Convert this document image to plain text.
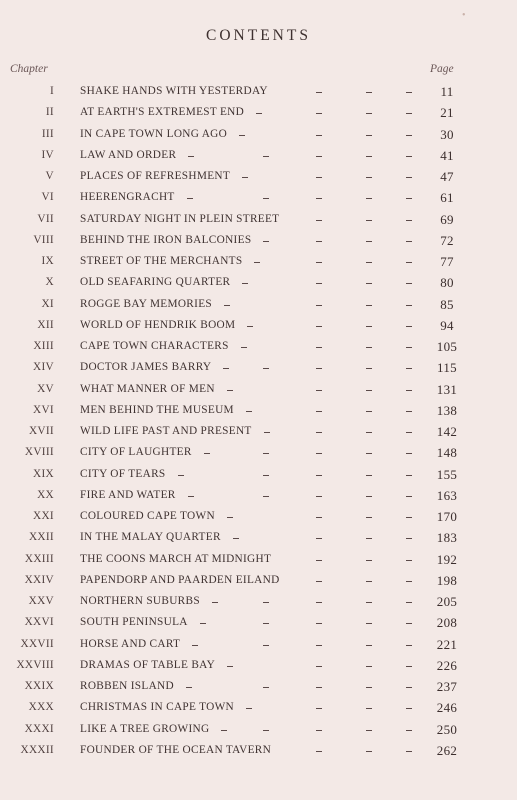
CONTENTS
Chapter	Page
I SHAKE HANDS WITH YESTERDAY	11
II AT EARTH'S EXTREMEST END	21
III IN CAPE TOWN LONG AGO	30
IV LAW AND ORDER	41
V PLACES OF REFRESHMENT	47
VI HEERENGRACHT	61
VII SATURDAY NIGHT IN PLEIN STREET	69
VIII BEHIND THE IRON BALCONIES	72
IX STREET OF THE MERCHANTS	77
X OLD SEAFARING QUARTER	80
XI ROGGE BAY MEMORIES	85
XII WORLD OF HENDRIK BOOM	94
XIII CAPE TOWN CHARACTERS	105
XIV DOCTOR JAMES BARRY	115
XV WHAT MANNER OF MEN	131
XVI MEN BEHIND THE MUSEUM	138
XVII WILD LIFE PAST AND PRESENT	142
XVIII CITY OF LAUGHTER	148
XIX CITY OF TEARS	155
XX FIRE AND WATER	163
XXI COLOURED CAPE TOWN	170
XXII IN THE MALAY QUARTER	183
XXIII THE COONS MARCH AT MIDNIGHT	192
XXIV PAPENDORP AND PAARDEN EILAND	198
XXV NORTHERN SUBURBS	205
XXVI SOUTH PENINSULA	208
XXVII HORSE AND CART	221
XXVIII DRAMAS OF TABLE BAY	226
XXIX ROBBEN ISLAND	237
XXX CHRISTMAS IN CAPE TOWN	246
XXXI LIKE A TREE GROWING	250
XXXII FOUNDER OF THE OCEAN TAVERN	262
•
